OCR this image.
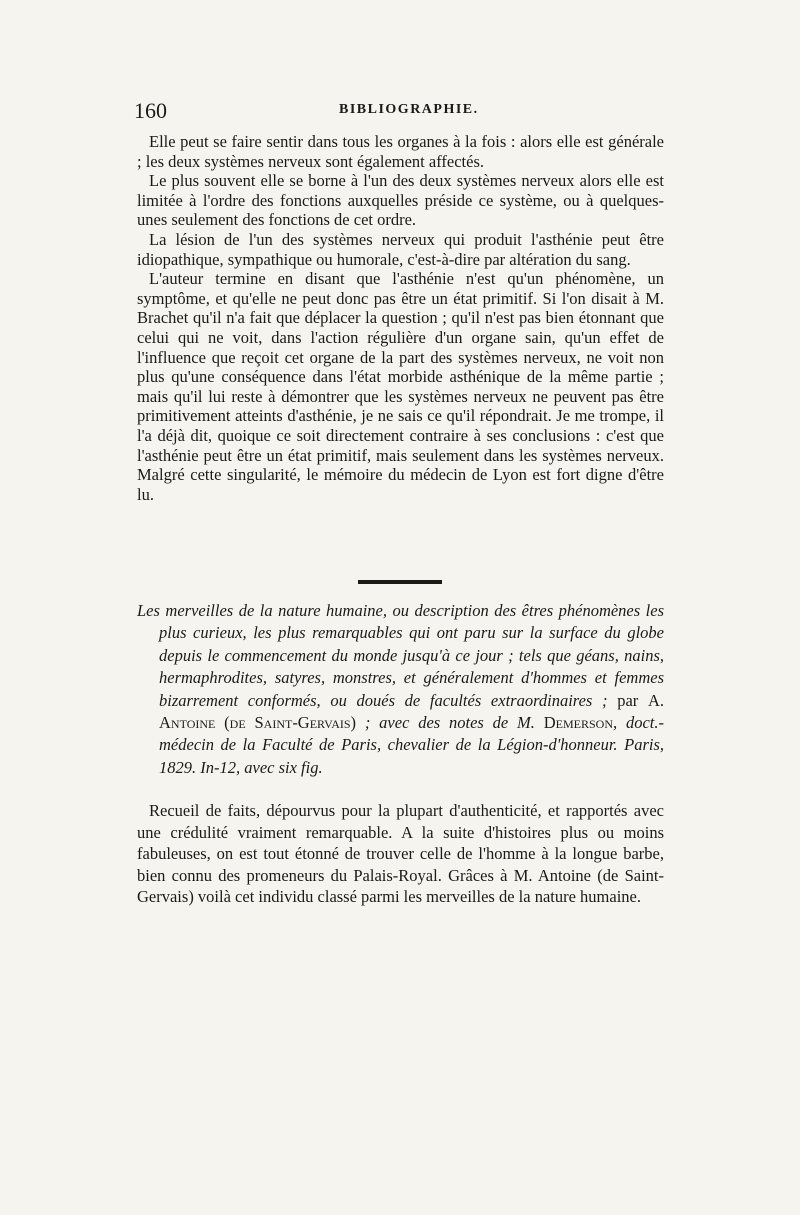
160	BIBLIOGRAPHIE.

Elle peut se faire sentir dans tous les organes à la fois : alors elle est générale ; les deux systèmes nerveux sont également affectés.

Le plus souvent elle se borne à l'un des deux systèmes nerveux alors elle est limitée à l'ordre des fonctions auxquelles préside ce système, ou à quelques-unes seulement des fonctions de cet ordre.

La lésion de l'un des systèmes nerveux qui produit l'asthénie peut être idiopathique, sympathique ou humorale, c'est-à-dire par altération du sang.

L'auteur termine en disant que l'asthénie n'est qu'un phénomène, un symptôme, et qu'elle ne peut donc pas être un état primitif. Si l'on disait à M. Brachet qu'il n'a fait que déplacer la question ; qu'il n'est pas bien étonnant que celui qui ne voit, dans l'action régulière d'un organe sain, qu'un effet de l'influence que reçoit cet organe de la part des systèmes nerveux, ne voit non plus qu'une conséquence dans l'état morbide asthénique de la même partie ; mais qu'il lui reste à démontrer que les systèmes nerveux ne peuvent pas être primitivement atteints d'asthénie, je ne sais ce qu'il répondrait. Je me trompe, il l'a déjà dit, quoique ce soit directement contraire à ses conclusions : c'est que l'asthénie peut être un état primitif, mais seulement dans les systèmes nerveux. Malgré cette singularité, le mémoire du médecin de Lyon est fort digne d'être lu.

Les merveilles de la nature humaine, ou description des êtres phénomènes les plus curieux, les plus remarquables qui ont paru sur la surface du globe depuis le commencement du monde jusqu'à ce jour ; tels que géans, nains, hermaphrodites, satyres, monstres, et généralement d'hommes et femmes bizarrement conformés, ou doués de facultés extraordinaires ; par A. Antoine (de Saint-Gervais) ; avec des notes de M. Demerson, doct.-médecin de la Faculté de Paris, chevalier de la Légion-d'honneur. Paris, 1829. In-12, avec six fig.

Recueil de faits, dépourvus pour la plupart d'authenticité, et rapportés avec une crédulité vraiment remarquable. A la suite d'histoires plus ou moins fabuleuses, on est tout étonné de trouver celle de l'homme à la longue barbe, bien connu des promeneurs du Palais-Royal. Grâces à M. Antoine (de Saint-Gervais) voilà cet individu classé parmi les merveilles de la nature humaine.
